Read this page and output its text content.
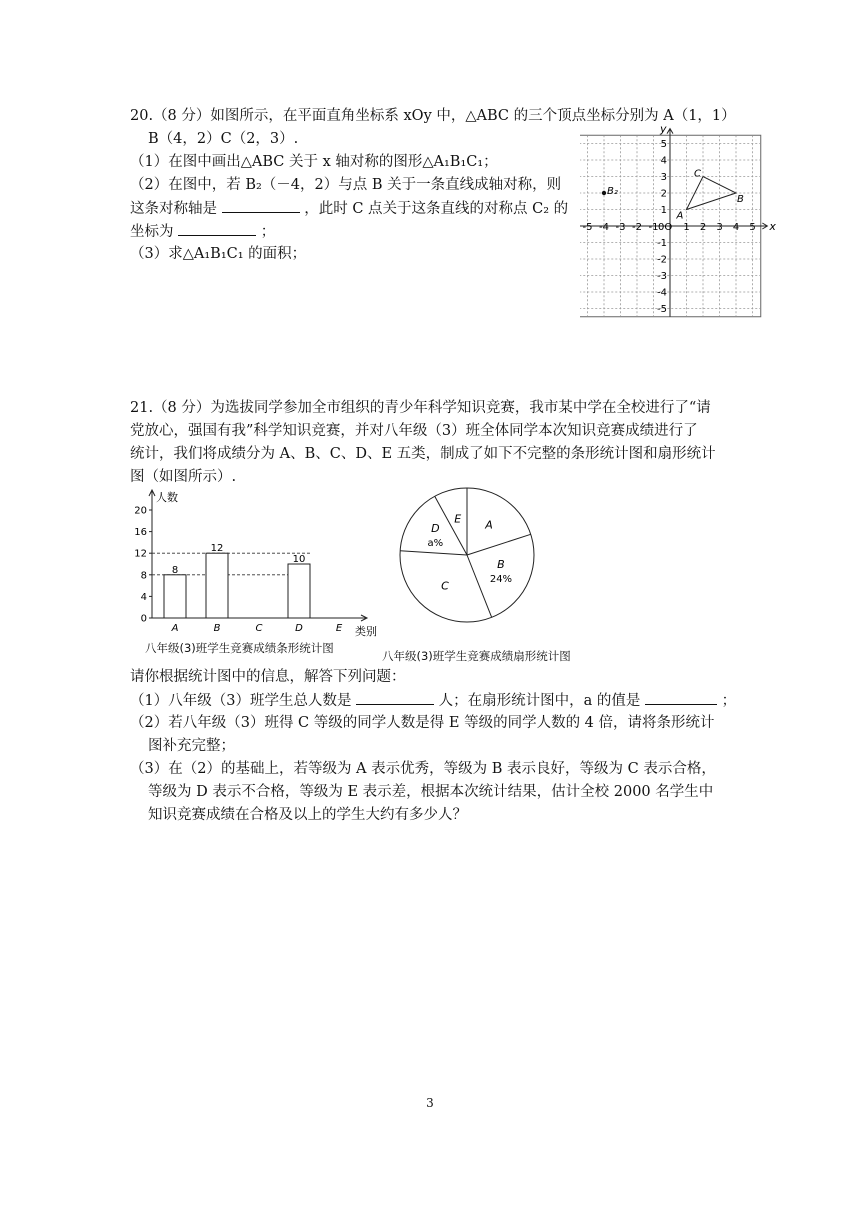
20.（8 分）如图所示，在平面直角坐标系 xOy 中，△ABC 的三个顶点坐标分别为 A（1，1）
B（4，2）C（2，3）.
（1）在图中画出△ABC 关于 x 轴对称的图形△A₁B₁C₁；
（2）在图中，若 B₂（－4，2）与点 B 关于一条直线成轴对称，则
这条对称轴是	，此时 C 点关于这条直线的对称点 C₂ 的
坐标为	；
（3）求△A₁B₁C₁ 的面积；
x
y
-5 -4 -3 -2 -1 0O 1 2 3 4 5
5
4
3
2
1
-1
-2
-3
-4
-5
A
B
C
B₂
21.（8 分）为选拔同学参加全市组织的青少年科学知识竞赛，我市某中学在全校进行了“请
党放心，强国有我”科学知识竞赛，并对八年级（3）班全体同学本次知识竞赛成绩进行了
统计，我们将成绩分为 A、B、C、D、E 五类，制成了如下不完整的条形统计图和扇形统计
图（如图所示）.
人数
类别
0
4
8
12
16
20
8
A
12
B	C
10
D	E
八年级(3)班学生竞赛成绩条形统计图
A
B
24%
C
D
a%
E
八年级(3)班学生竞赛成绩扇形统计图
请你根据统计图中的信息，解答下列问题：
（1）八年级（3）班学生总人数是	人；在扇形统计图中，a 的值是	；
（2）若八年级（3）班得 C 等级的同学人数是得 E 等级的同学人数的 4 倍，请将条形统计
图补充完整；
（3）在（2）的基础上，若等级为 A 表示优秀，等级为 B 表示良好，等级为 C 表示合格，
等级为 D 表示不合格，等级为 E 表示差，根据本次统计结果，估计全校 2000 名学生中
知识竞赛成绩在合格及以上的学生大约有多少人？
3
